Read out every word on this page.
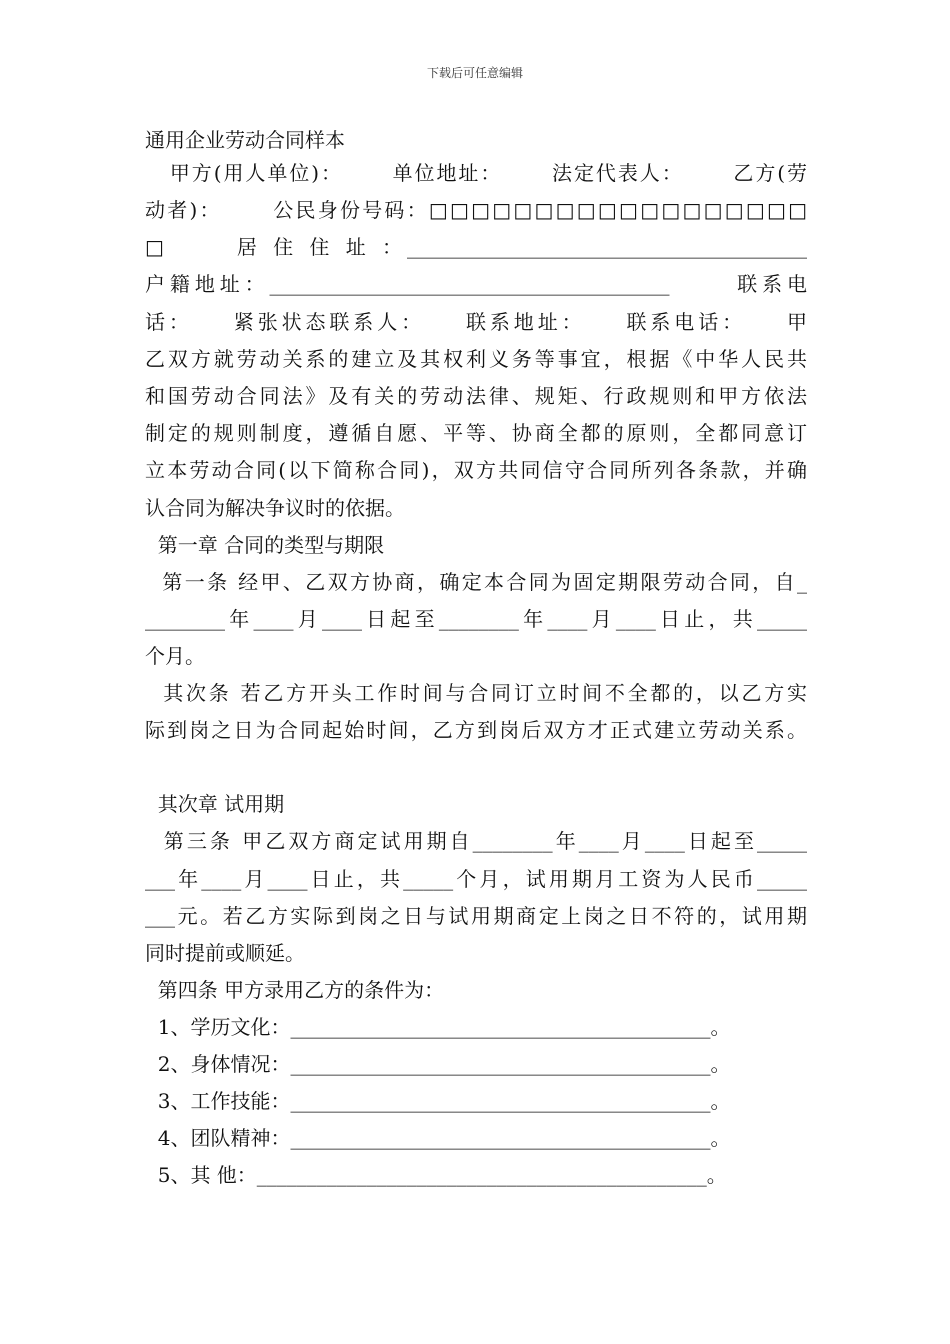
下载后可任意编辑
通用企业劳动合同样本
甲方(用人单位)：      单位地址：      法定代表人：      乙方(劳
动者)：      公民身份号码：□□□□□□□□□□□□□□□□□□
□      居 住 住 址 ：________________________________________
户籍地址：________________________________________      联系电
话：    紧张状态联系人：    联系地址：    联系电话：    甲
乙双方就劳动关系的建立及其权利义务等事宜，根据《中华人民共
和国劳动合同法》及有关的劳动法律、规矩、行政规则和甲方依法
制定的规则制度，遵循自愿、平等、协商全都的原则，全都同意订
立本劳动合同(以下简称合同)，双方共同信守合同所列各条款，并确
认合同为解决争议时的依据。
第一章 合同的类型与期限
第一条 经甲、乙双方协商，确定本合同为固定期限劳动合同，自_
________年____月____日起至________年____月____日止，共_____
个月。
其次条 若乙方开头工作时间与合同订立时间不全都的，以乙方实
际到岗之日为合同起始时间，乙方到岗后双方才正式建立劳动关系。
其次章 试用期
第三条 甲乙双方商定试用期自________年____月____日起至_____
___年____月____日止，共_____个月，试用期月工资为人民币_____
___元。若乙方实际到岗之日与试用期商定上岗之日不符的，试用期
同时提前或顺延。
第四条 甲方录用乙方的条件为：
1、学历文化：__________________________________________。
2、身体情况：__________________________________________。
3、工作技能：__________________________________________。
4、团队精神：__________________________________________。
5、其 他：_____________________________________________。
